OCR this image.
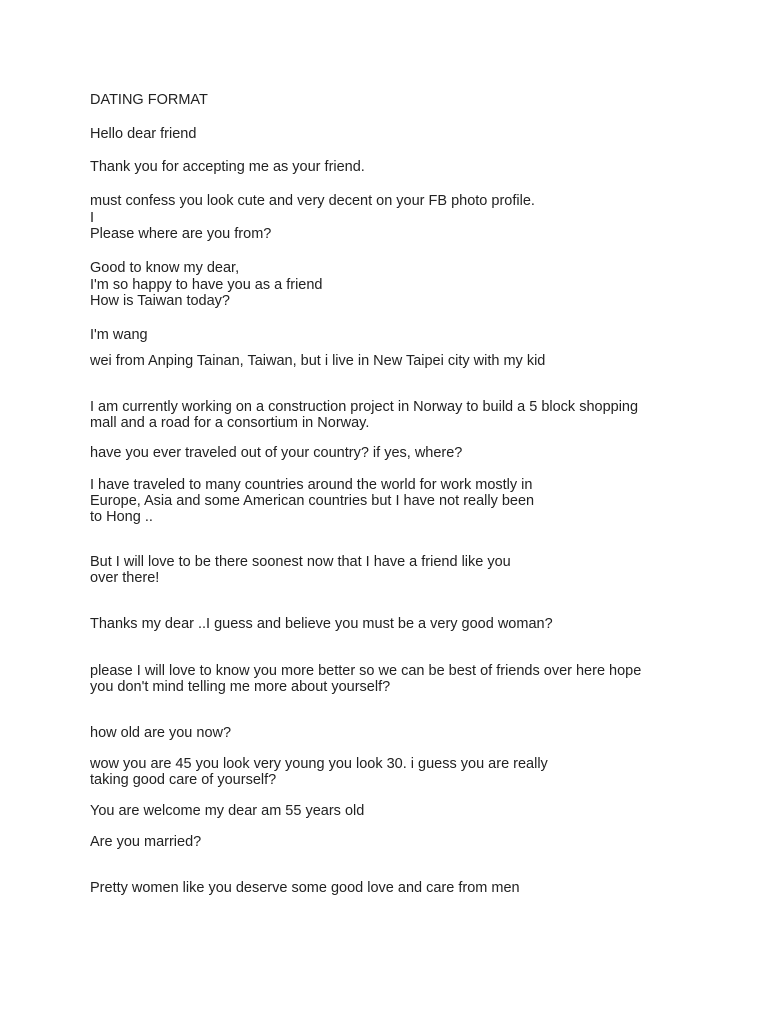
DATING FORMAT

Hello dear friend

Thank you for accepting me as your friend.

must confess you look cute and very decent on your FB photo profile.

I

Please where are you from?

Good to know my dear,

I'm so happy to have you as a friend

How is Taiwan today?

I'm wang

wei from Anping Tainan, Taiwan, but i live in New Taipei city with my kid

I am currently working on a construction project in Norway to build a 5 block shopping

mall and a road for a consortium in Norway.

have you ever traveled out of your country? if yes, where?

I have traveled to many countries around the world for work mostly in

Europe, Asia and some American countries but I have not really been

to Hong ..

But I will love to be there soonest now that I have a friend like you

over there!

Thanks my dear ..I guess and believe you must be a very good woman?

please I will love to know you more better so we can be best of friends over here hope

you don't mind telling me more about yourself?

how old are you now?

wow you are 45 you look very young you look 30. i guess you are really

taking good care of yourself?

You are welcome my dear am 55 years old

Are you married?

Pretty women like you deserve some good love and care from men
